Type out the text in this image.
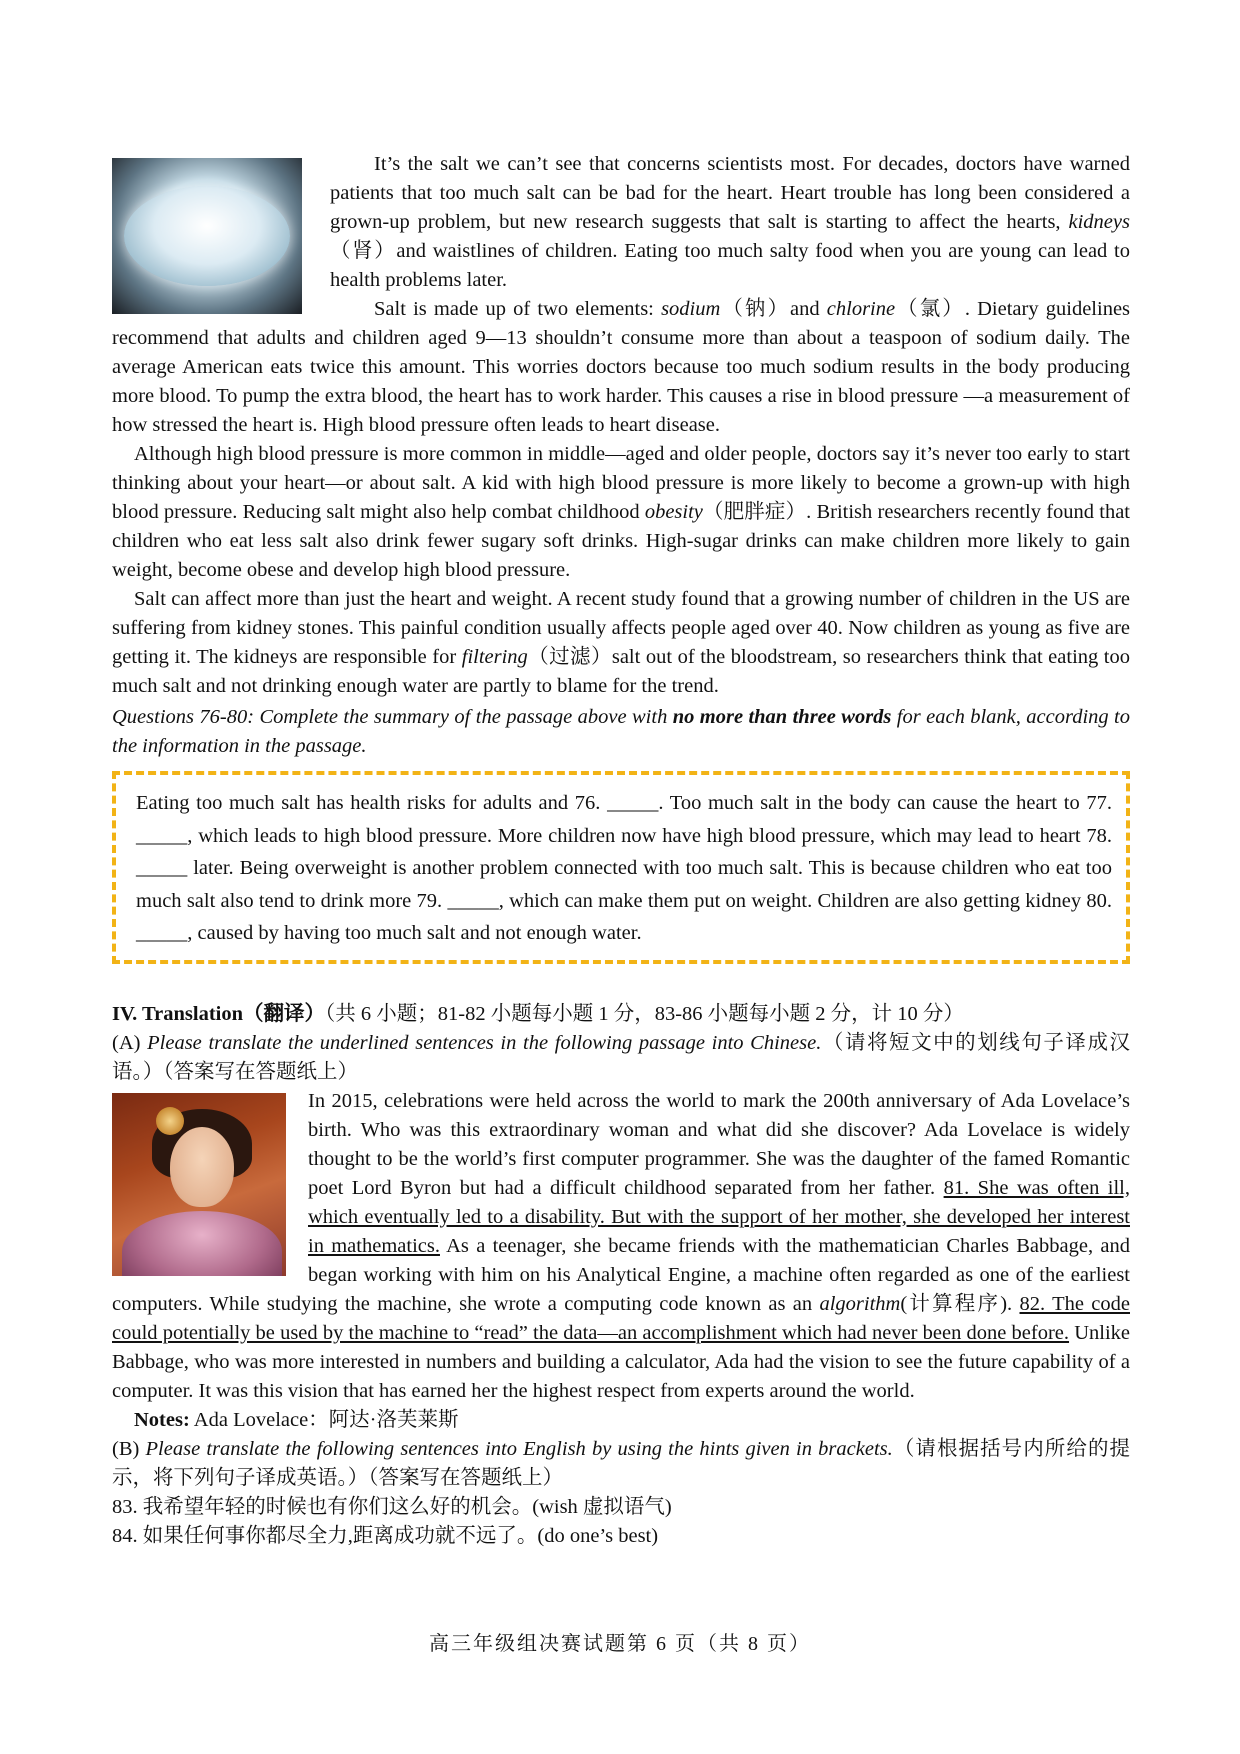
It’s the salt we can’t see that concerns scientists most. For decades, doctors have warned patients that too much salt can be bad for the heart. Heart trouble has long been considered a grown-up problem, but new research suggests that salt is starting to affect the hearts, kidneys（肾）and waistlines of children. Eating too much salty food when you are young can lead to health problems later.

Salt is made up of two elements: sodium（钠）and chlorine（氯）. Dietary guidelines recommend that adults and children aged 9—13 shouldn’t consume more than about a teaspoon of sodium daily. The average American eats twice this amount. This worries doctors because too much sodium results in the body producing more blood. To pump the extra blood, the heart has to work harder. This causes a rise in blood pressure —a measurement of how stressed the heart is. High blood pressure often leads to heart disease.

Although high blood pressure is more common in middle—aged and older people, doctors say it’s never too early to start thinking about your heart—or about salt. A kid with high blood pressure is more likely to become a grown-up with high blood pressure. Reducing salt might also help combat childhood obesity（肥胖症）. British researchers recently found that children who eat less salt also drink fewer sugary soft drinks. High-sugar drinks can make children more likely to gain weight, become obese and develop high blood pressure.

Salt can affect more than just the heart and weight. A recent study found that a growing number of children in the US are suffering from kidney stones. This painful condition usually affects people aged over 40. Now children as young as five are getting it. The kidneys are responsible for filtering（过滤）salt out of the bloodstream, so researchers think that eating too much salt and not drinking enough water are partly to blame for the trend.

Questions 76-80: Complete the summary of the passage above with no more than three words for each blank, according to the information in the passage.

Eating too much salt has health risks for adults and 76. _____. Too much salt in the body can cause the heart to 77. _____, which leads to high blood pressure. More children now have high blood pressure, which may lead to heart 78. _____ later. Being overweight is another problem connected with too much salt. This is because children who eat too much salt also tend to drink more 79. _____, which can make them put on weight. Children are also getting kidney 80. _____, caused by having too much salt and not enough water.

IV. Translation（翻译）（共 6 小题；81-82 小题每小题 1 分，83-86 小题每小题 2 分，计 10 分）

(A) Please translate the underlined sentences in the following passage into Chinese.（请将短文中的划线句子译成汉语。）（答案写在答题纸上）

In 2015, celebrations were held across the world to mark the 200th anniversary of Ada Lovelace’s birth. Who was this extraordinary woman and what did she discover? Ada Lovelace is widely thought to be the world’s first computer programmer. She was the daughter of the famed Romantic poet Lord Byron but had a difficult childhood separated from her father. 81. She was often ill, which eventually led to a disability. But with the support of her mother, she developed her interest in mathematics. As a teenager, she became friends with the mathematician Charles Babbage, and began working with him on his Analytical Engine, a machine often regarded as one of the earliest computers. While studying the machine, she wrote a computing code known as an algorithm(计算程序). 82. The code could potentially be used by the machine to “read” the data—an accomplishment which had never been done before. Unlike Babbage, who was more interested in numbers and building a calculator, Ada had the vision to see the future capability of a computer. It was this vision that has earned her the highest respect from experts around the world.

Notes: Ada Lovelace：阿达·洛芙莱斯

(B) Please translate the following sentences into English by using the hints given in brackets.（请根据括号内所给的提示，将下列句子译成英语。）（答案写在答题纸上）

83. 我希望年轻的时候也有你们这么好的机会。(wish 虚拟语气)

84. 如果任何事你都尽全力,距离成功就不远了。(do one’s best)

高三年级组决赛试题第 6 页（共 8 页）
